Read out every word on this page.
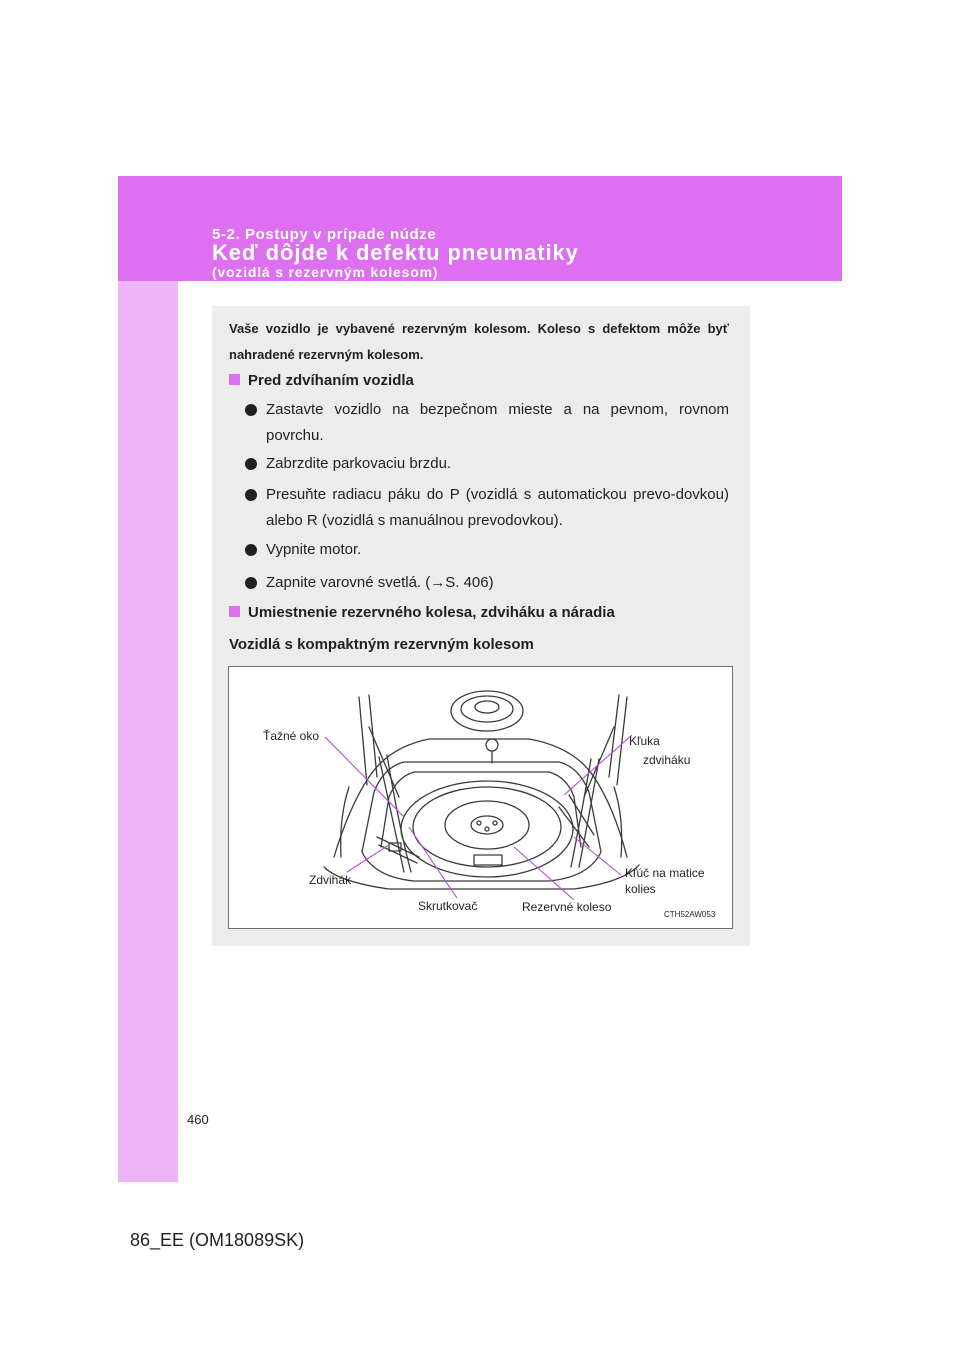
5-2. Postupy v prípade núdze
Keď dôjde k defektu pneumatiky
(vozidlá s rezervným kolesom)
Vaše vozidlo je vybavené rezervným kolesom. Koleso s defektom môže byť nahradené rezervným kolesom.
Pred zdvíhaním vozidla
Zastavte vozidlo na bezpečnom mieste a na pevnom, rovnom povrchu.
Zabrzdite parkovaciu brzdu.
Presuňte radiacu páku do P (vozidlá s automatickou prevo-dovkou) alebo R (vozidlá s manuálnou prevodovkou).
Vypnite motor.
Zapnite varovné svetlá. (→S. 406)
Umiestnenie rezervného kolesa, zdviháku a náradia
Vozidlá s kompaktným rezervným kolesom
Ťažné oko	Kľuka
zdviháku
Zdvihák	Kľúč na matice
kolies
Skrutkovač	Rezervné koleso
CTH52AW053
460
86_EE (OM18089SK)
